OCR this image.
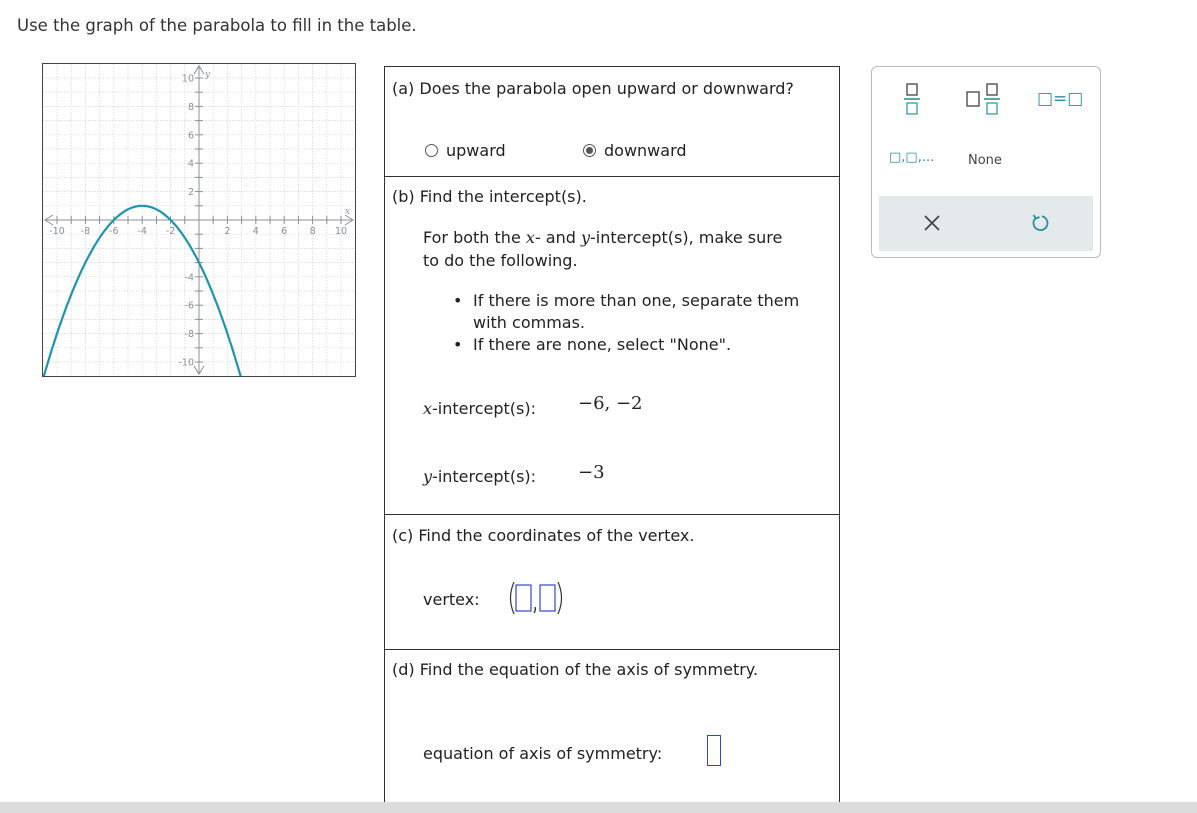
Use the graph of the parabola to fill in the table.
-10 -8 -6 -4 -2	2 4 6 8 10
10
8
6
4
2
-4
-6
-8
-10
x
y
(a) Does the parabola open upward or downward?
upward	downward
(b) Find the intercept(s).
For both the x- and y-intercept(s), make sure
to do the following.
• If there is more than one, separate them
with commas.
• If there are none, select "None".
x-intercept(s): −6, −2
y-intercept(s): −3
(c) Find the coordinates of the vertex.
vertex:
(d) Find the equation of the axis of symmetry.
equation of axis of symmetry:
□=□
□,□,...	None
